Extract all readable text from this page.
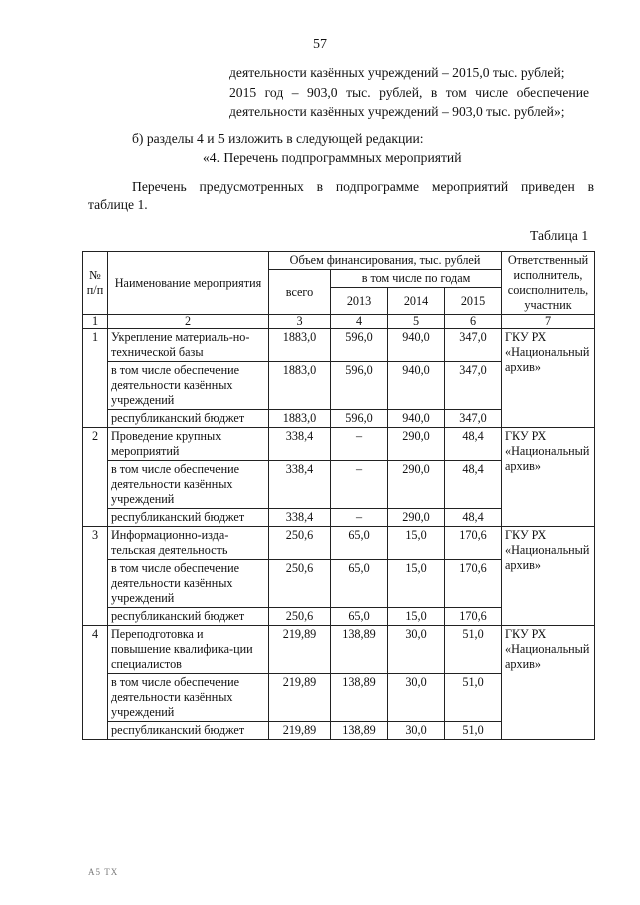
57
деятельности казённых учреждений – 2015,0 тыс. рублей;
2015 год – 903,0 тыс. рублей, в том числе обеспечение
деятельности казённых учреждений – 903,0 тыс. рублей»;
б) разделы 4 и 5 изложить в следующей редакции:
«4. Перечень подпрограммных мероприятий
Перечень предусмотренных в подпрограмме мероприятий приведен в
таблице 1.
Таблица 1
№ п/п	Наименование мероприятия	Объем финансирования, тыс. рублей				Ответственный исполнитель, соисполнитель, участник
		всего	в том числе по годам			
			2013	2014	2015	
1	2	3	4	5	6	7
1	Укрепление материаль-но-технической базы	1883,0	596,0	940,0	347,0	ГКУ РХ «Национальный архив»
	в том числе обеспечение деятельности казённых учреждений	1883,0	596,0	940,0	347,0	
	республиканский бюджет	1883,0	596,0	940,0	347,0	
2	Проведение крупных мероприятий	338,4	–	290,0	48,4	ГКУ РХ «Национальный архив»
	в том числе обеспечение деятельности казённых учреждений	338,4	–	290,0	48,4	
	республиканский бюджет	338,4	–	290,0	48,4	
3	Информационно-изда-тельская деятельность	250,6	65,0	15,0	170,6	ГКУ РХ «Национальный архив»
	в том числе обеспечение деятельности казённых учреждений	250,6	65,0	15,0	170,6	
	республиканский бюджет	250,6	65,0	15,0	170,6	
4	Переподготовка и повышение квалифика-ции специалистов	219,89	138,89	30,0	51,0	ГКУ РХ «Национальный архив»
	в том числе обеспечение деятельности казённых учреждений	219,89	138,89	30,0	51,0	
	республиканский бюджет	219,89	138,89	30,0	51,0	
А5 ТХ
